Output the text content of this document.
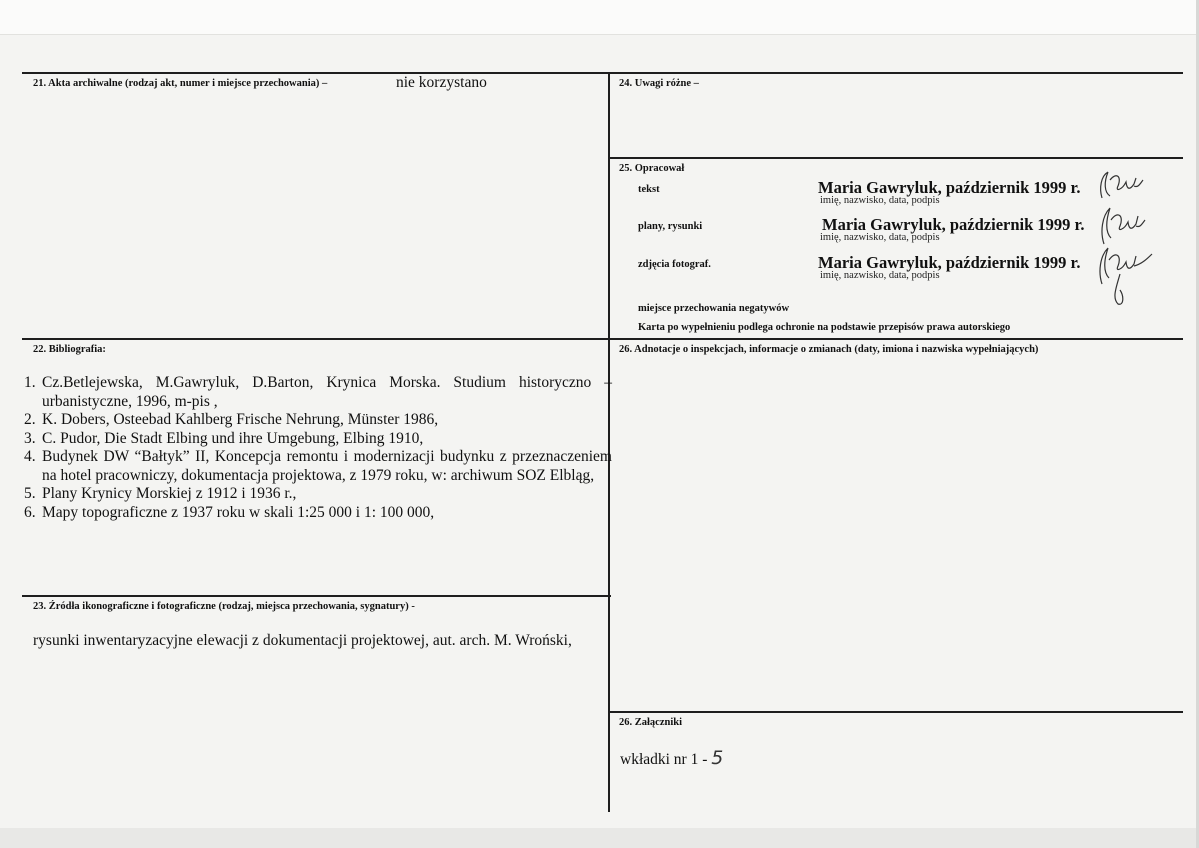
21. Akta archiwalne (rodzaj akt, numer i miejsce przechowania) –	nie korzystano	24. Uwagi różne –
25. Opracował
tekst	Maria Gawryluk, październik 1999 r.
imię, nazwisko, data, podpis
plany, rysunki	Maria Gawryluk, październik 1999 r.
imię, nazwisko, data, podpis
zdjęcia fotograf.	Maria Gawryluk, październik 1999 r.
imię, nazwisko, data, podpis
miejsce przechowania negatywów
Karta po wypełnieniu podlega ochronie na podstawie przepisów prawa autorskiego
22. Bibliografia:
1. Cz.Betlejewska, M.Gawryluk, D.Barton, Krynica Morska. Studium historyczno – urbanistyczne, 1996, m-pis ,
2. K. Dobers, Osteebad Kahlberg Frische Nehrung, Münster 1986,
3. C. Pudor, Die Stadt Elbing und ihre Umgebung, Elbing 1910,
4. Budynek DW “Bałtyk” II, Koncepcja remontu i modernizacji budynku z przeznaczeniem na hotel pracowniczy, dokumentacja projektowa, z 1979 roku, w: archiwum SOZ Elbląg,
5. Plany Krynicy Morskiej z 1912 i 1936 r.,
6. Mapy topograficzne z 1937 roku w skali 1:25 000 i 1: 100 000,
23. Źródła ikonograficzne i fotograficzne (rodzaj, miejsca przechowania, sygnatury) -
rysunki inwentaryzacyjne elewacji z dokumentacji projektowej, aut. arch. M. Wroński,
26. Adnotacje o inspekcjach, informacje o zmianach (daty, imiona i nazwiska wypełniających)
26. Załączniki
wkładki nr 1 - 5
